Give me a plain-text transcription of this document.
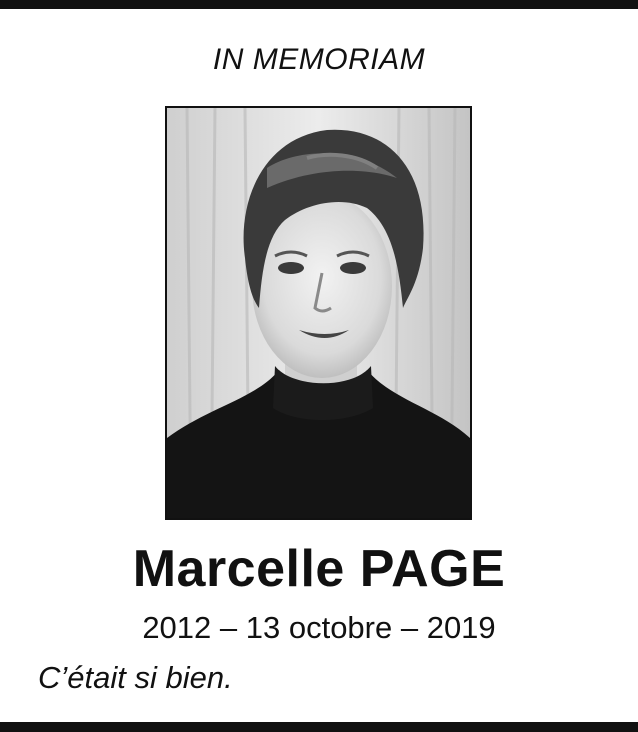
IN MEMORIAM
Marcelle PAGE
2012 – 13 octobre – 2019
C’était si bien.
